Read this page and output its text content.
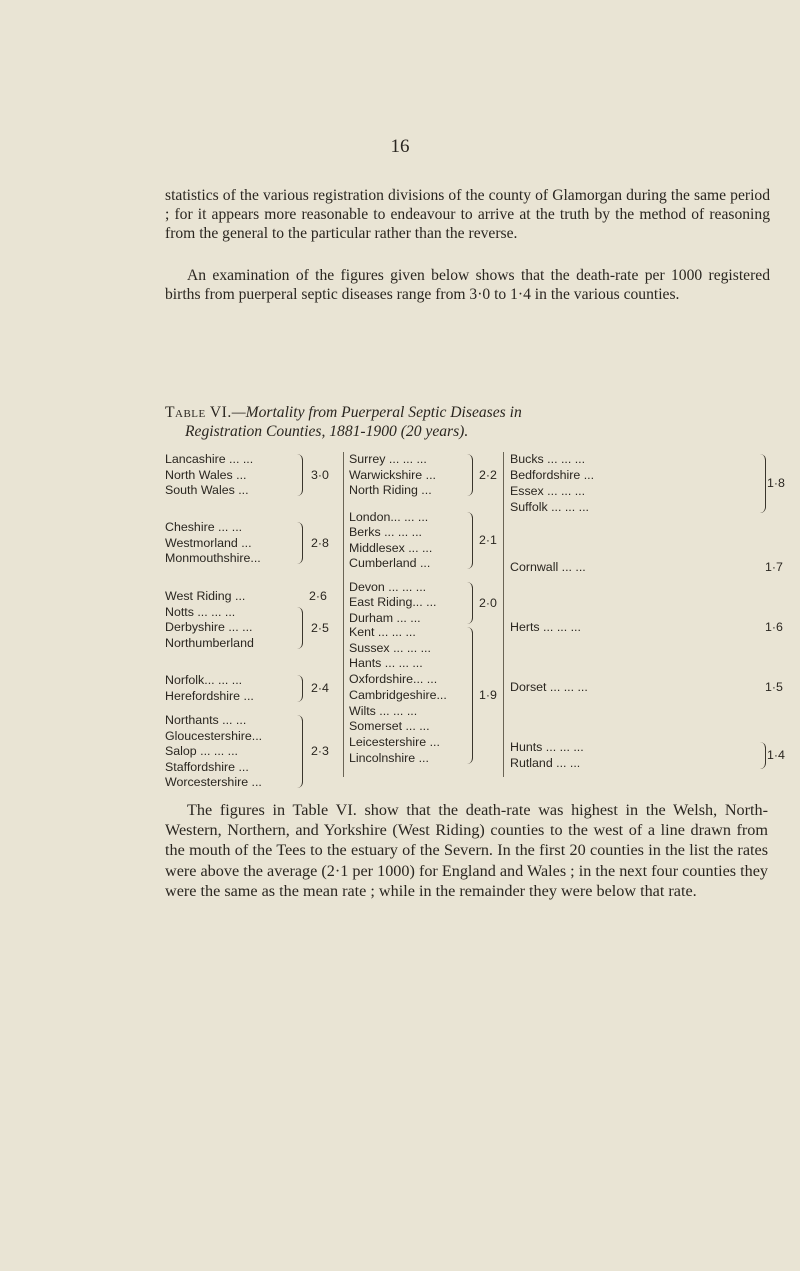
16

statistics of the various registration divisions of the county of Glamorgan during the same period ; for it appears more reasonable to endeavour to arrive at the truth by the method of reasoning from the general to the particular rather than the reverse.

An examination of the figures given below shows that the death-rate per 1000 registered births from puerperal septic diseases range from 3·0 to 1·4 in the various counties.

Table VI.—Mortality from Puerperal Septic Diseases in
Registration Counties, 1881-1900 (20 years).
Lancashire ... ...
North Wales ...
South Wales ...
3·0
Cheshire ... ...
Westmorland ...
Monmouthshire...
2·8
West Riding ...	2·6
Notts ... ... ...
Derbyshire ... ...
Northumberland
2·5
Norfolk... ... ...
Herefordshire ...
2·4
Northants ... ...
Gloucestershire...
Salop ... ... ...
Staffordshire ...
Worcestershire ...
2·3
Surrey ... ... ...
Warwickshire ...
North Riding ...
2·2
London... ... ...
Berks ... ... ...
Middlesex ... ...
Cumberland ...
2·1
Devon ... ... ...
East Riding... ...
Durham ... ...
2·0
Kent ... ... ...
Sussex ... ... ...
Hants ... ... ...
Oxfordshire... ...
Cambridgeshire...
Wilts ... ... ...
Somerset ... ...
Leicestershire ...
Lincolnshire ...
1·9
Bucks ... ... ...
Bedfordshire ...
Essex ... ... ...
Suffolk ... ... ...
1·8
Cornwall ... ...	1·7
Herts ... ... ...	1·6
Dorset ... ... ...	1·5
Hunts ... ... ...
Rutland ... ...
1·4

The figures in Table VI. show that the death-rate was highest in the Welsh, North-Western, Northern, and Yorkshire (West Riding) counties to the west of a line drawn from the mouth of the Tees to the estuary of the Severn. In the first 20 counties in the list the rates were above the average (2·1 per 1000) for England and Wales ; in the next four counties they were the same as the mean rate ; while in the remainder they were below that rate.
